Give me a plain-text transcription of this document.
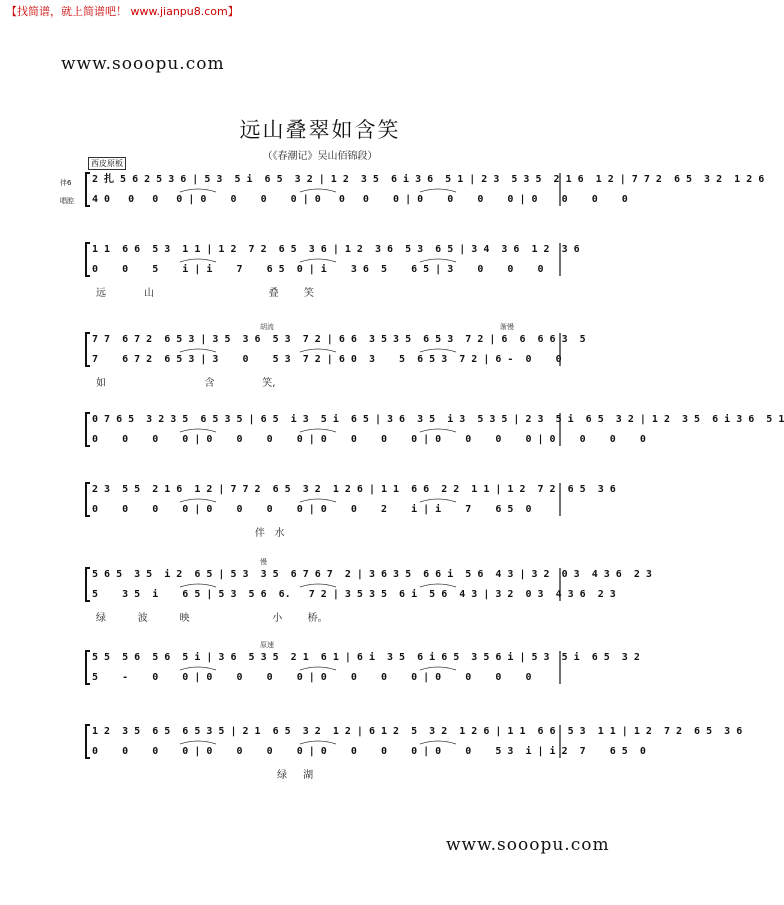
【找简谱，就上简谱吧！ www.jianpu8.com】
www.sooopu.com
远山叠翠如含笑
（《春潮记》吴山佰锦段）
西皮原板
伴6
唱腔
2 扎 5 6 2 5 3 6 | 5 3  5 i  6 5  3 2 | 1 2  3 5  6 i 3 6  5 1 | 2 3  5 3 5  2 1 6  1 2 | 7 7 2  6 5  3 2  1 2 6
4 0   0   0   0 | 0    0    0    0 | 0   0   0    0 | 0    0    0    0 | 0    0    0    0
1 1  6 6  5 3  1 1 | 1 2  7 2  6 5  3 6 | 1 2  3 6  5 3  6 5 | 3 4  3 6  1 2  3 6
0    0    5    i | i    7    6 5  0 | i    3 6  5    6 5 | 3    0    0    0
远            山                                    叠        笑
7 7  6 7 2  6 5 3 | 3 5  3 6  5 3  7 2 | 6 6  3 5 3 5  6 5 3  7 2 | 6  6  6 6 3  5
7    6 7 2  6 5 3 | 3    0    5 3  7 2 | 6 0  3    5  6 5 3  7 2 | 6 -  0    0
如                               含               笑,
胡流	渐慢
0 7 6 5  3 2 3 5  6 5 3 5 | 6 5  i 3  5 i  6 5 | 3 6  3 5  i 3  5 3 5 | 2 3  5 i  6 5  3 2 | 1 2  3 5  6 i 3 6  5 1
0    0    0    0 | 0    0    0    0 | 0    0    0    0 | 0    0    0    0 | 0    0    0    0
2 3  5 5  2 1 6  1 2 | 7 7 2  6 5  3 2  1 2 6 | 1 1  6 6  2 2  1 1 | 1 2  7 2  6 5  3 6
0    0    0    0 | 0    0    0    0 | 0    0    2    i | i    7    6 5  0
伴   水
5 6 5  3 5  i 2  6 5 | 5 3  3 5  6 7 6 7  2 | 3 6 3 5  6 6 i  5 6  4 3 | 3 2  0 3  4 3 6  2 3
5    3 5  i    6 5 | 5 3  5 6  6.   7 2 | 3 5 3 5  6 i  5 6  4 3 | 3 2  0 3  4 3 6  2 3
绿          波          映                          小        桥。
慢
5 5  5 6  5 6  5 i | 3 6  5 3 5  2 1  6 1 | 6 i  3 5  6 i 6 5  3 5 6 i | 5 3  5 i  6 5  3 2
5    -    0    0 | 0    0    0    0 | 0    0    0    0 | 0    0    0    0
原速
1 2  3 5  6 5  6 5 3 5 | 2 1  6 5  3 2  1 2 | 6 1 2  5  3 2  1 2 6 | 1 1  6 6  5 3  1 1 | 1 2  7 2  6 5  3 6
0    0    0    0 | 0    0    0    0 | 0    0    0    0 | 0    0    5 3  i | i 2  7    6 5  0
绿     湖
www.sooopu.com
